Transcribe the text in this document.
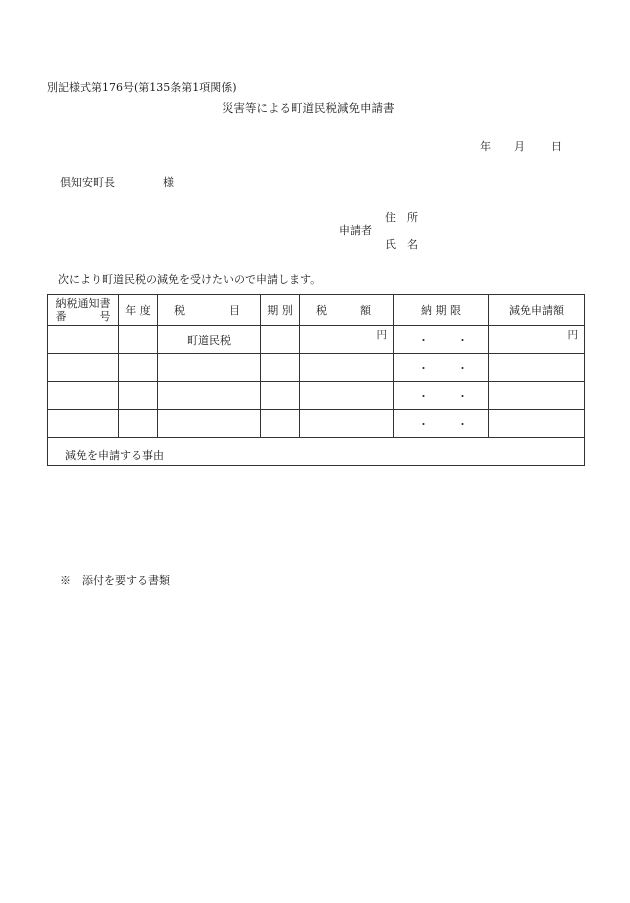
別記様式第176号(第135条第1項関係)
災害等による町道民税減免申請書
年 月 日
倶知安町長	様
住　所
申請者
氏　名
次により町道民税の減免を受けたいので申請します。
納税通知書
番　　　号	年 度	税　　　　目	期 別	税　　　額	納 期 限	減免申請額
		町道民税		円	・・	円

					・・	
					・・	
					・・	

減免を申請する事由						
※　添付を要する書類
